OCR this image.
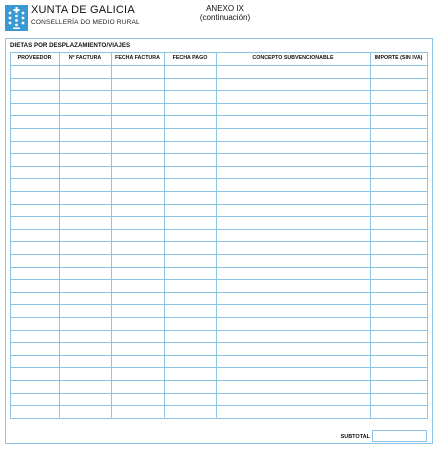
XUNTA DE GALICIA
CONSELLERÍA DO MEDIO RURAL
ANEXO IX
(continuación)
DIETAS POR DESPLAZAMIENTO/VIAJES
PROVEEDOR	Nº FACTURA	FECHA FACTURA	FECHA PAGO	CONCEPTO SUBVENCIONABLE	IMPORTE (SIN IVA)
SUBTOTAL
